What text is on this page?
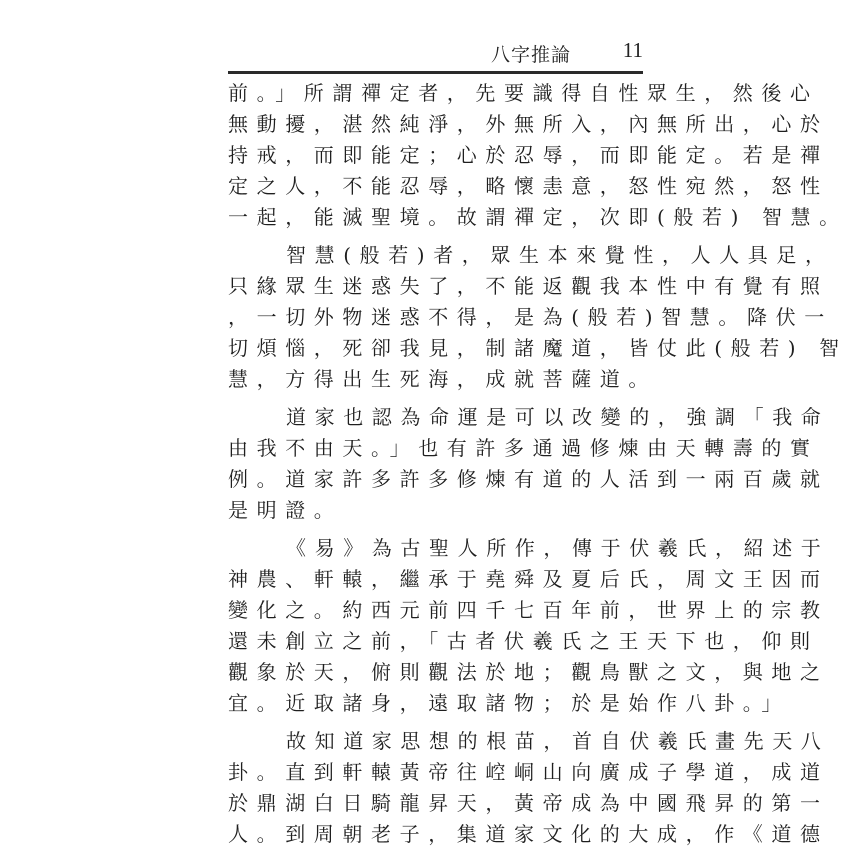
八字推論 11
前。」所謂禪定者，先要識得自性眾生，然後心
無動擾，湛然純淨，外無所入，內無所出，心於
持戒，而即能定；心於忍辱，而即能定。若是禪
定之人，不能忍辱，略懷恚意，怒性宛然，怒性
一起，能滅聖境。故謂禪定，次即(般若) 智慧。
智慧(般若)者，眾生本來覺性，人人具足，
只緣眾生迷惑失了，不能返觀我本性中有覺有照
，一切外物迷惑不得，是為(般若)智慧。降伏一
切煩惱，死卻我見，制諸魔道，皆仗此(般若) 智
慧，方得出生死海，成就菩薩道。
道家也認為命運是可以改變的，強調「我命
由我不由天。」也有許多通過修煉由天轉壽的實
例。道家許多許多修煉有道的人活到一兩百歲就
是明證。
《易》為古聖人所作，傳于伏羲氏，紹述于
神農、軒轅，繼承于堯舜及夏后氏，周文王因而
變化之。約西元前四千七百年前，世界上的宗教
還未創立之前，「古者伏羲氏之王天下也，仰則
觀象於天，俯則觀法於地；觀鳥獸之文，與地之
宜。近取諸身，遠取諸物；於是始作八卦。」
故知道家思想的根苗，首自伏羲氏畫先天八
卦。直到軒轅黃帝往崆峒山向廣成子學道，成道
於鼎湖白日騎龍昇天，黃帝成為中國飛昇的第一
人。到周朝老子，集道家文化的大成，作《道德
